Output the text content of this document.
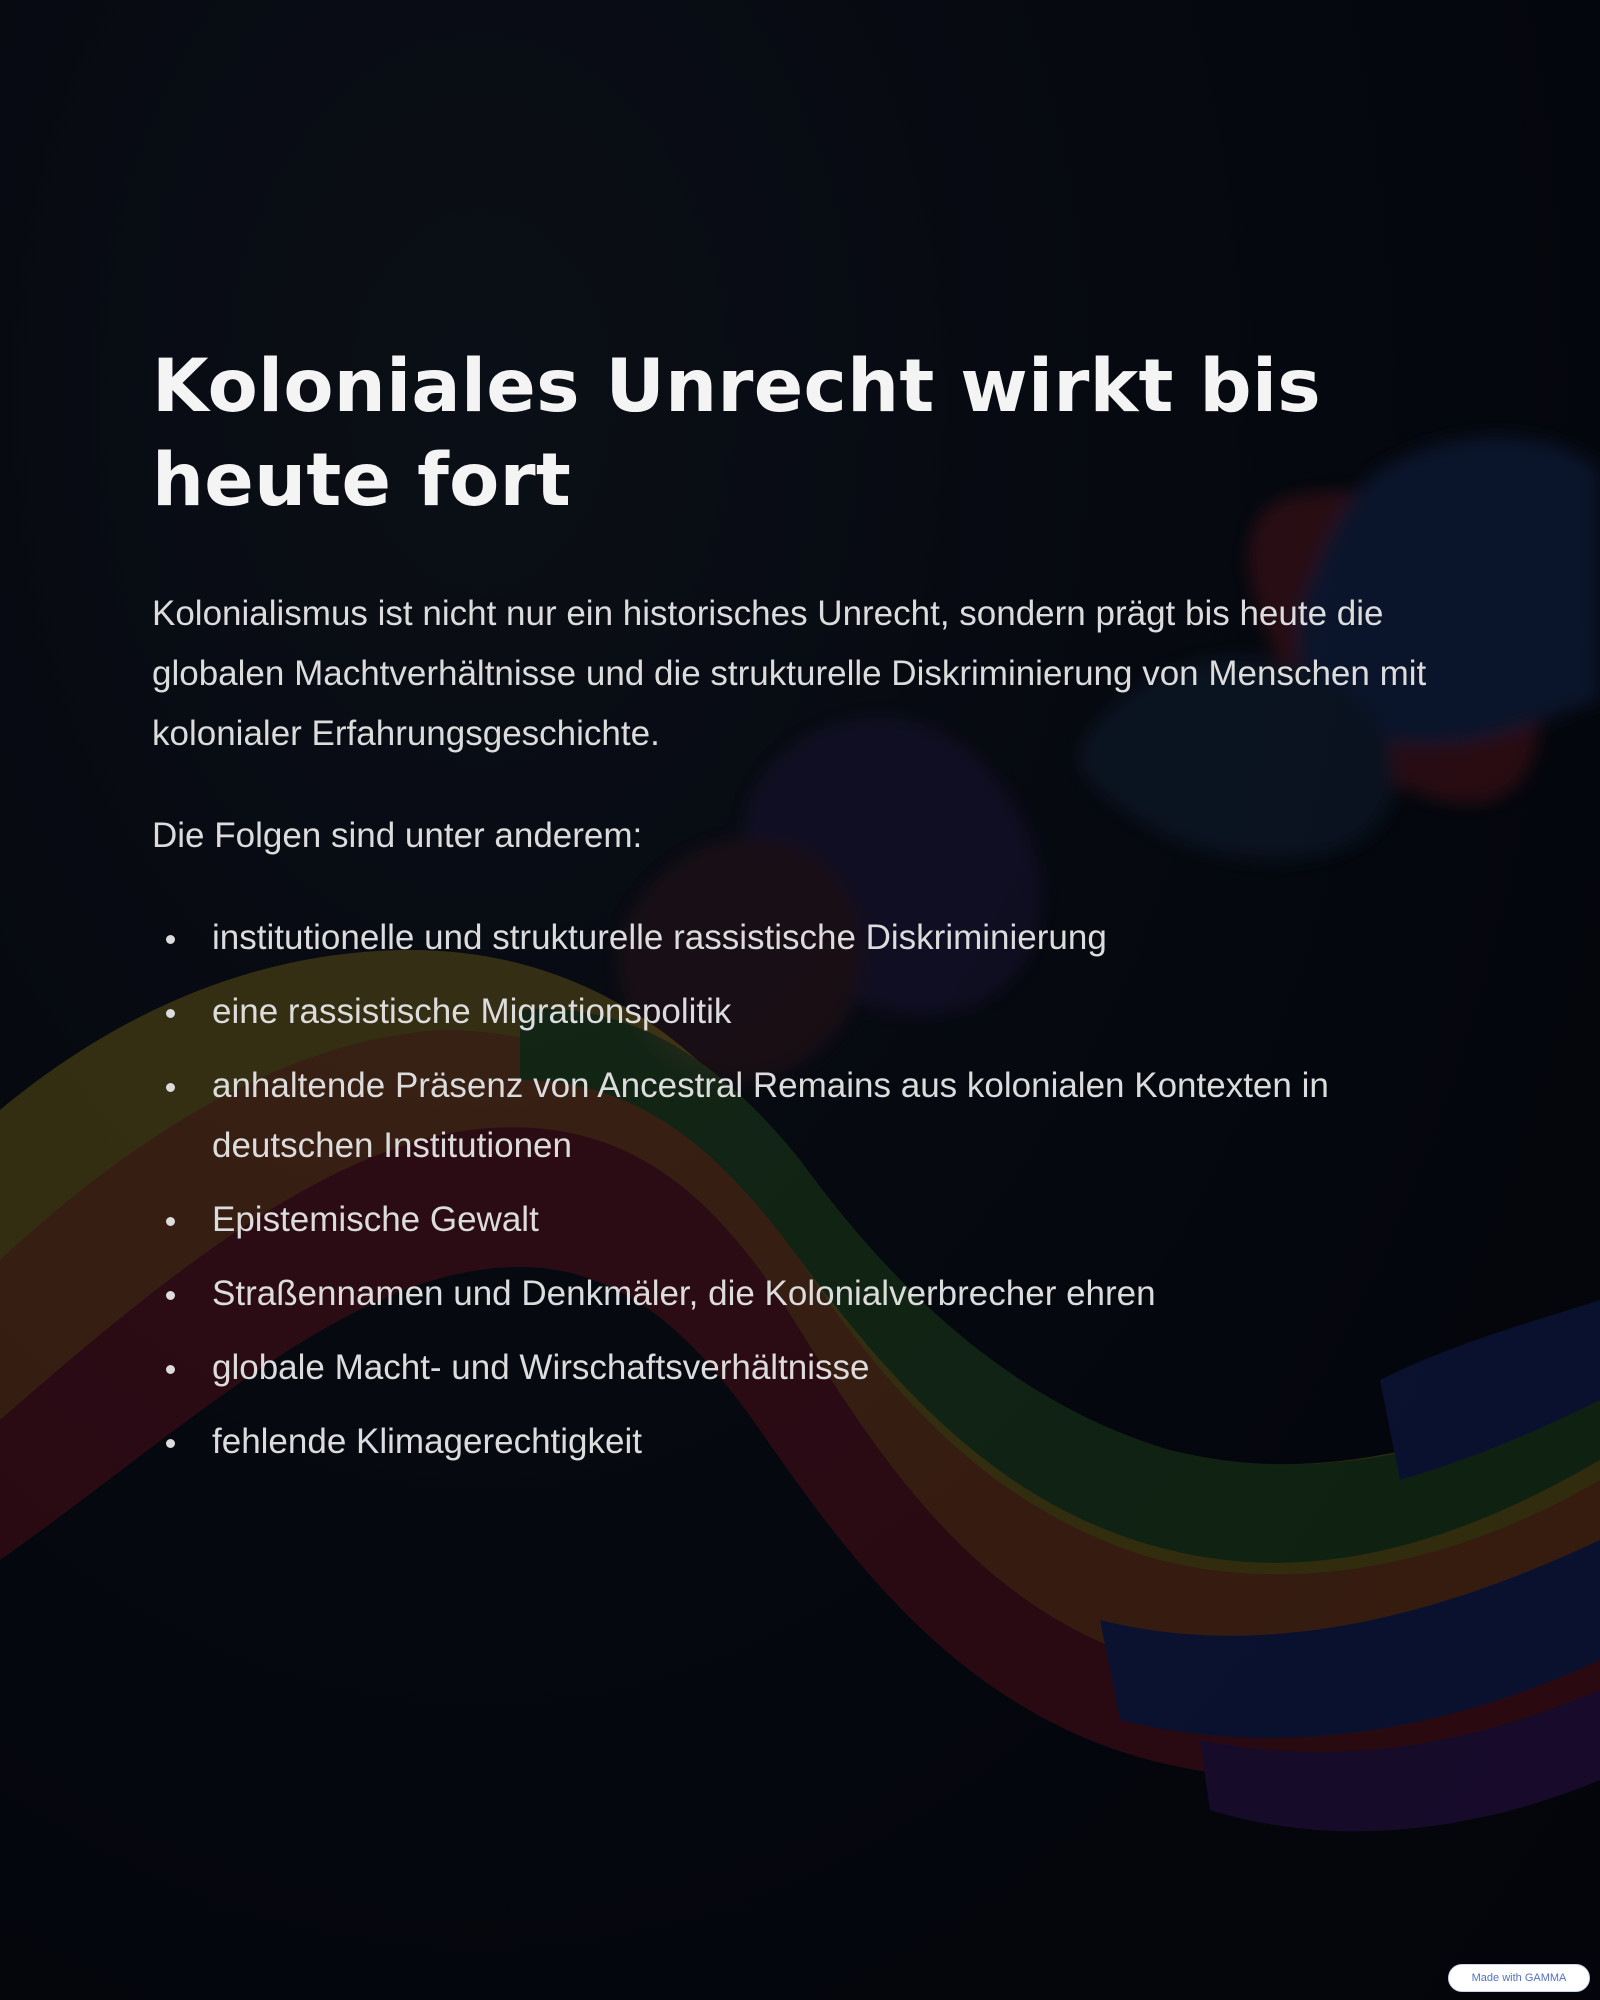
Koloniales Unrecht wirkt bis heute fort

Kolonialismus ist nicht nur ein historisches Unrecht, sondern prägt bis heute die globalen Machtverhältnisse und die strukturelle Diskriminierung von Menschen mit kolonialer Erfahrungsgeschichte.

Die Folgen sind unter anderem:

institutionelle und strukturelle rassistische Diskriminierung
eine rassistische Migrationspolitik
anhaltende Präsenz von Ancestral Remains aus kolonialen Kontexten in deutschen Institutionen
Epistemische Gewalt
Straßennamen und Denkmäler, die Kolonialverbrecher ehren
globale Macht- und Wirschaftsverhältnisse
fehlende Klimagerechtigkeit
Made with GAMMA
